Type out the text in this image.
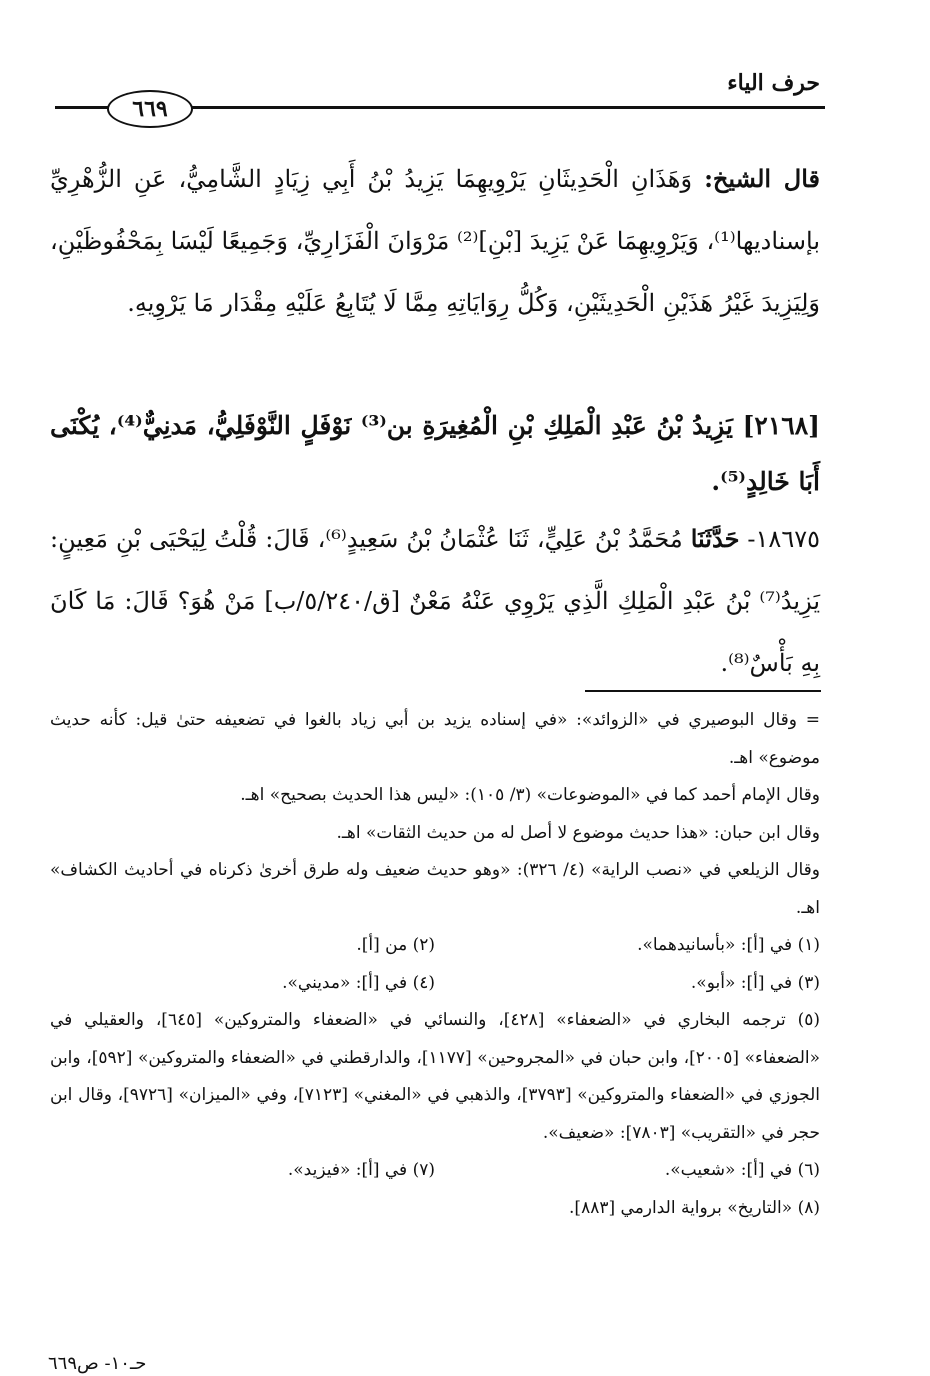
حرف الياء
٦٦٩
قال الشيخ: وَهَذَانِ الْحَدِيثَانِ يَرْوِيهِمَا يَزِيدُ بْنُ أَبِي زِيَادٍ الشَّامِيُّ، عَنِ الزُّهْرِيِّ بإسناديها⁽¹⁾، وَيَرْوِيهِمَا عَنْ يَزِيدَ [بْنِ]⁽²⁾ مَرْوَانَ الْفَزَارِيِّ، وَجَمِيعًا لَيْسَا بِمَحْفُوظَيْنِ، وَلِيَزِيدَ غَيْرُ هَذَيْنِ الْحَدِيثَيْنِ، وَكُلُّ رِوَايَاتِهِ مِمَّا لَا يُتَابِعُ عَلَيْهِ مِقْدَار مَا يَرْوِيهِ.
[٢١٦٨] يَزِيدُ بْنُ عَبْدِ الْمَلِكِ بْنِ الْمُغِيرَةِ بن⁽³⁾ نَوْفَلٍ النَّوْفَلِيُّ، مَدنِيٌّ⁽⁴⁾، يُكْنَى أَبَا خَالِدٍ⁽⁵⁾.
١٨٦٧٥- حَدَّثَنَا مُحَمَّدُ بْنُ عَلِيٍّ، ثَنَا عُثْمَانُ بْنُ سَعِيدٍ⁽⁶⁾، قَالَ: قُلْتُ لِيَحْيَى بْنِ مَعِينٍ: يَزِيدُ⁽⁷⁾ بْنُ عَبْدِ الْمَلِكِ الَّذِي يَرْوِي عَنْهُ مَعْنٌ [ق/٥/٢٤٠/ب] مَنْ هُوَ؟ قَالَ: مَا كَانَ بِهِ بَأْسٌ⁽⁸⁾.
= وقال البوصيري في «الزوائد»: «في إسناده يزيد بن أبي زياد بالغوا في تضعيفه حتىٰ قيل: كأنه حديث موضوع» اهـ.
وقال الإمام أحمد كما في «الموضوعات» (٣/ ١٠٥): «ليس هذا الحديث بصحيح» اهـ.
وقال ابن حبان: «هذا حديث موضوع لا أصل له من حديث الثقات» اهـ.
وقال الزيلعي في «نصب الراية» (٤/ ٣٢٦): «وهو حديث ضعيف وله طرق أخرىٰ ذكرناه في أحاديث الكشاف» اهـ.
(١) في [أ]: «بأسانيدهما».
(٢) من [أ].
(٣) في [أ]: «أبو».
(٤) في [أ]: «مديني».
(٥) ترجمه البخاري في «الضعفاء» [٤٢٨]، والنسائي في «الضعفاء والمتروكين» [٦٤٥]، والعقيلي في «الضعفاء» [٢٠٠٥]، وابن حبان في «المجروحين» [١١٧٧]، والدارقطني في «الضعفاء والمتروكين» [٥٩٢]، وابن الجوزي في «الضعفاء والمتروكين» [٣٧٩٣]، والذهبي في «المغني» [٧١٢٣]، وفي «الميزان» [٩٧٢٦]، وقال ابن حجر في «التقريب» [٧٨٠٣]: «ضعيف».
(٦) في [أ]: «شعيب».
(٧) في [أ]: «فيزيد».
(٨) «التاريخ» برواية الدارمي [٨٨٣].
حـ١٠- ص٦٦٩
